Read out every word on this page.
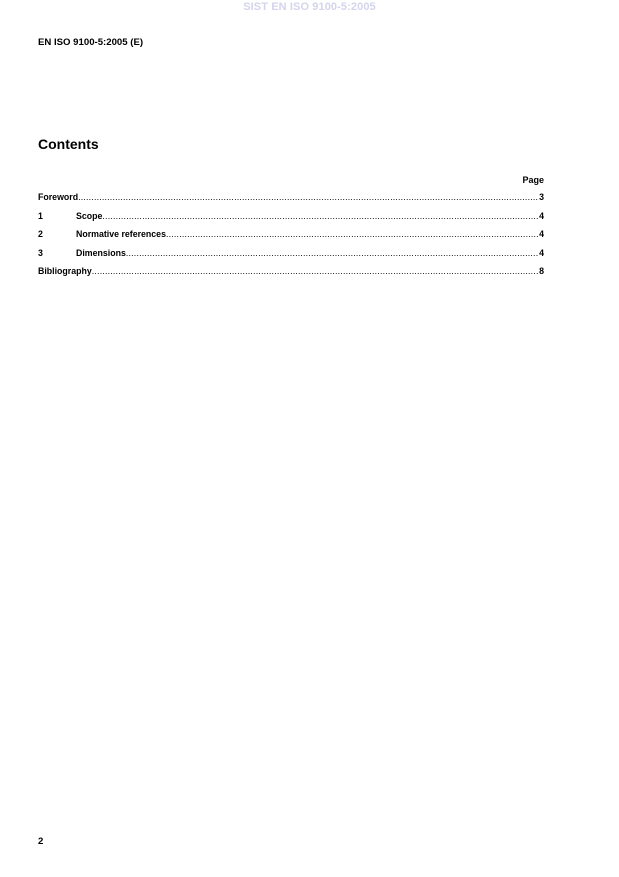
SIST EN ISO 9100-5:2005
EN ISO 9100-5:2005 (E)
Contents
Page
Foreword .....	3
1	Scope .....	4
2	Normative references .....	4
3	Dimensions .....	4
Bibliography .....	8
2
